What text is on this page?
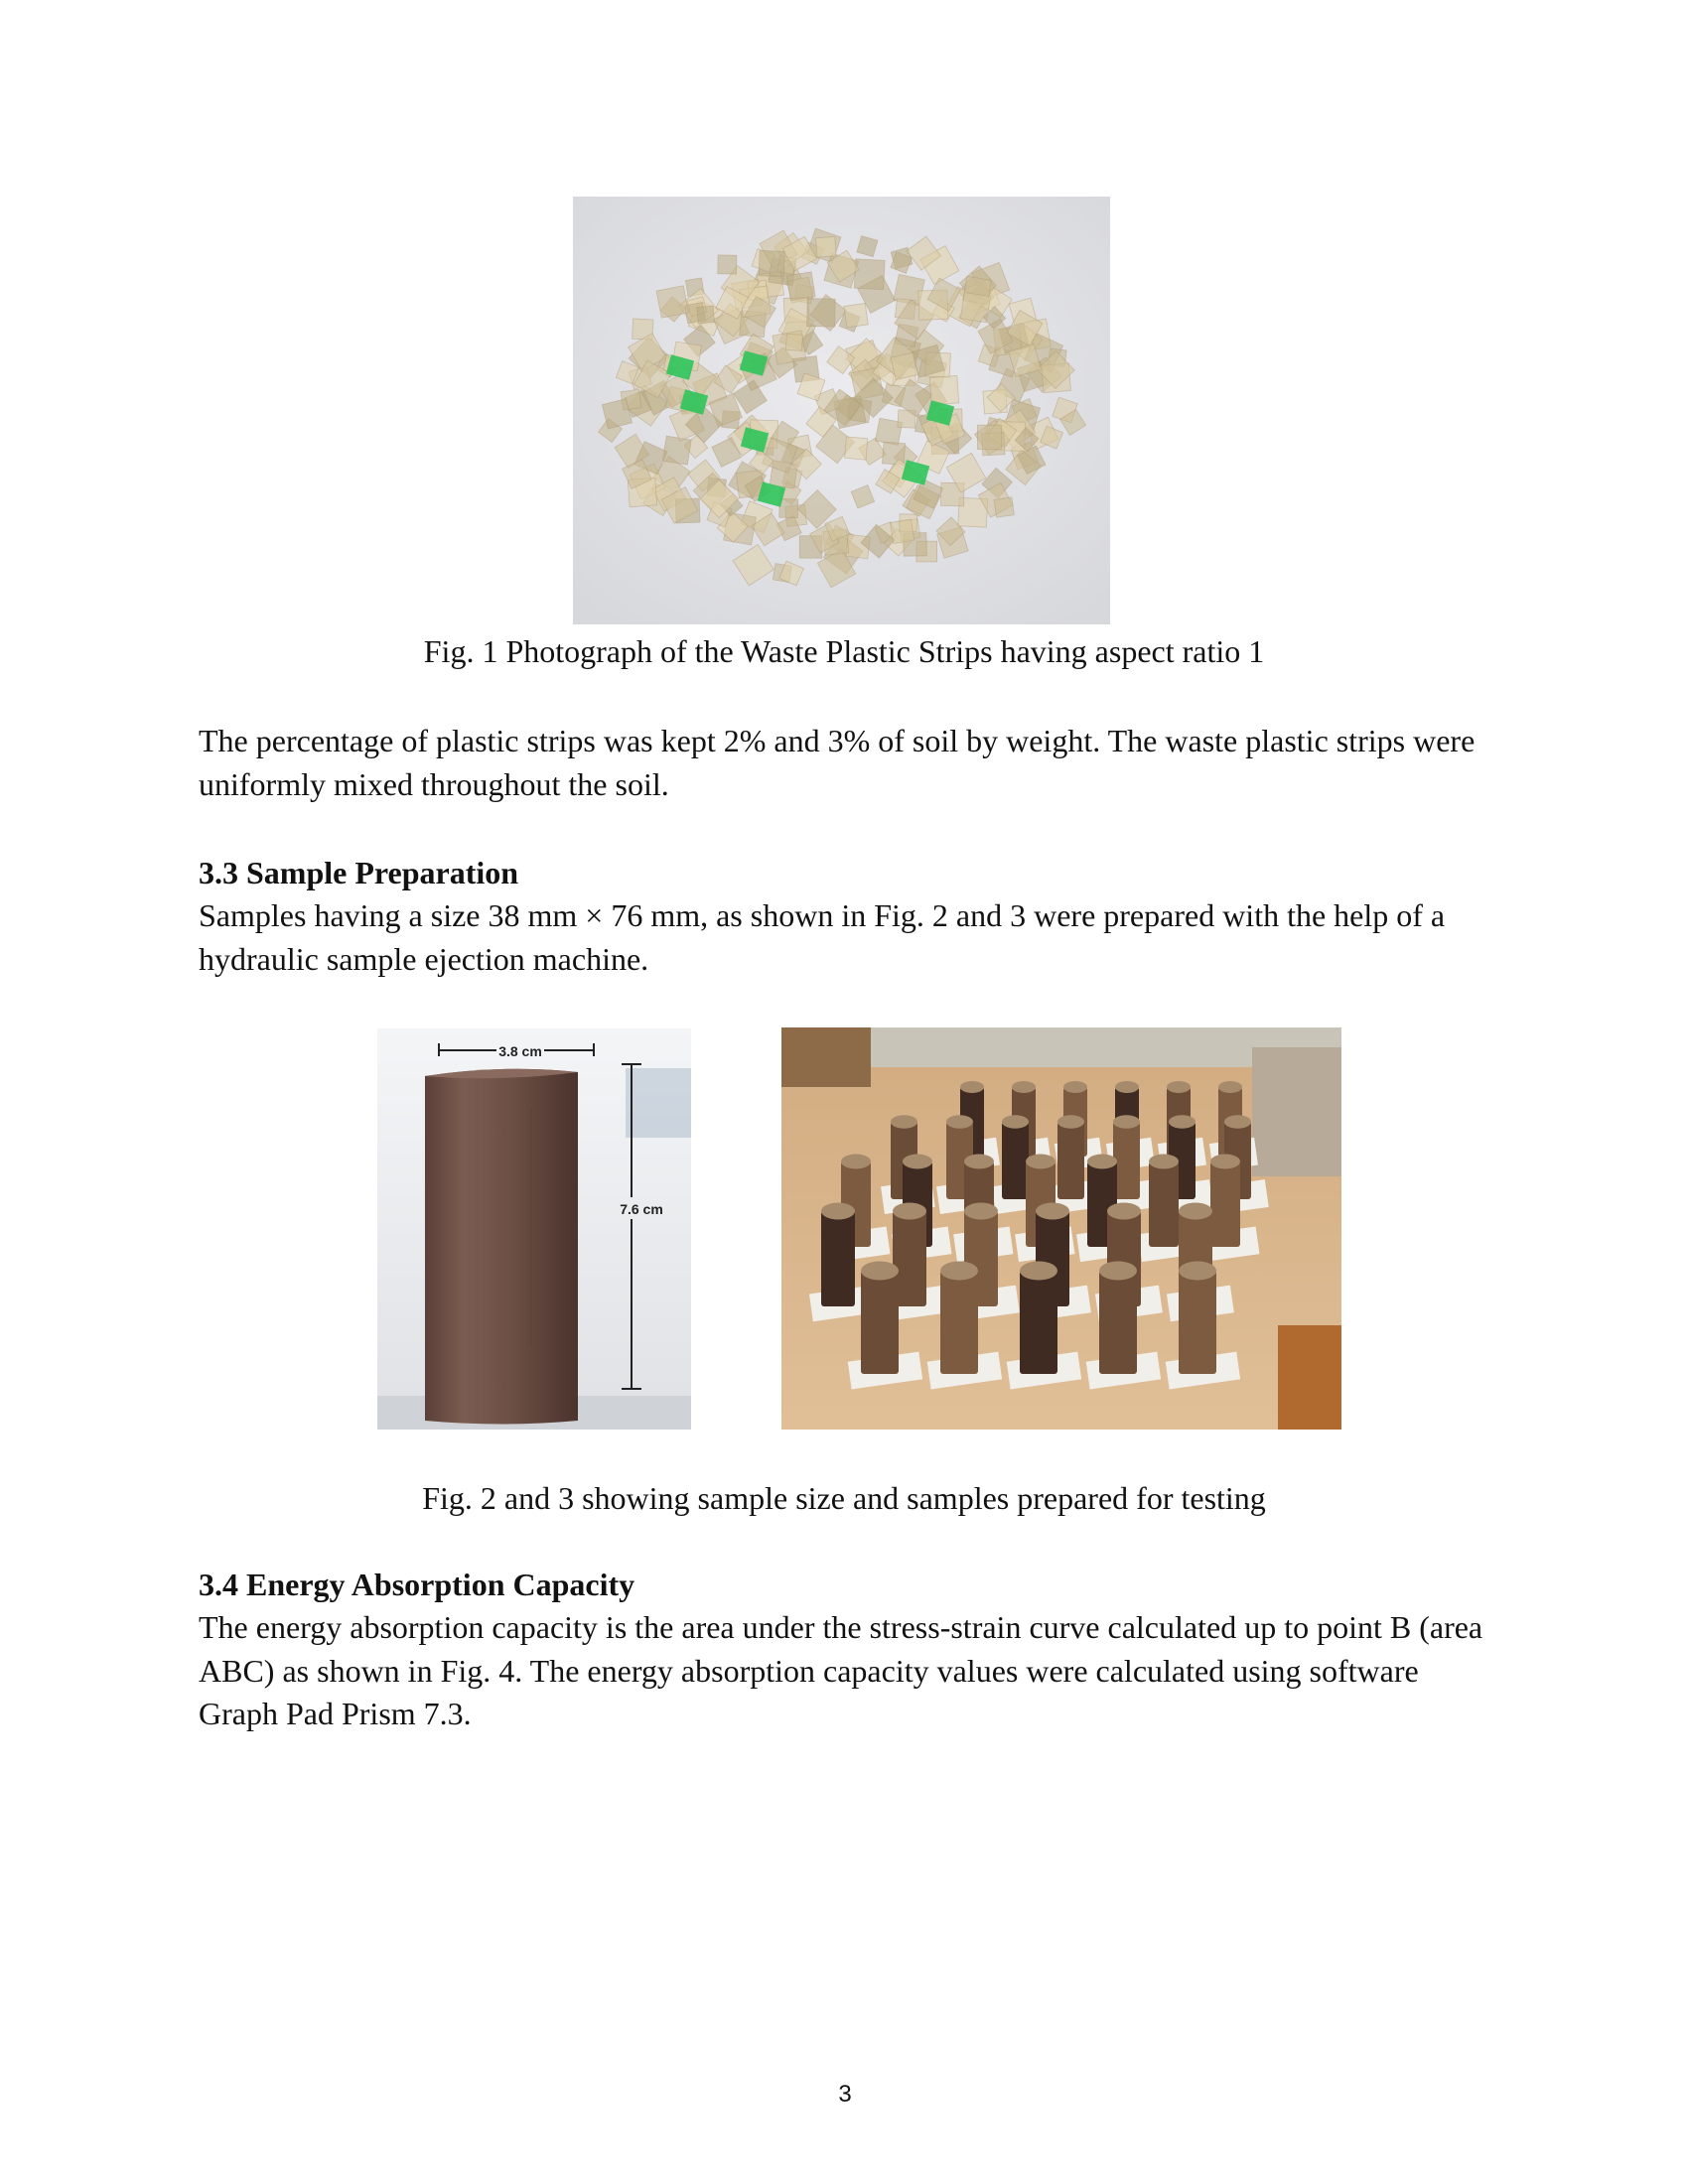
Fig. 1 Photograph of the Waste Plastic Strips having aspect ratio 1
The percentage of plastic strips was kept 2% and 3% of soil by weight. The waste plastic strips were uniformly mixed throughout the soil.
3.3 Sample Preparation
Samples having a size 38 mm × 76 mm, as shown in Fig. 2 and 3 were prepared with the help of a hydraulic sample ejection machine.
3.8 cm
7.6 cm
Fig. 2 and 3 showing sample size and samples prepared for testing
3.4 Energy Absorption Capacity
The energy absorption capacity is the area under the stress-strain curve calculated up to point B (area ABC) as shown in Fig. 4. The energy absorption capacity values were calculated using software Graph Pad Prism 7.3.
3
